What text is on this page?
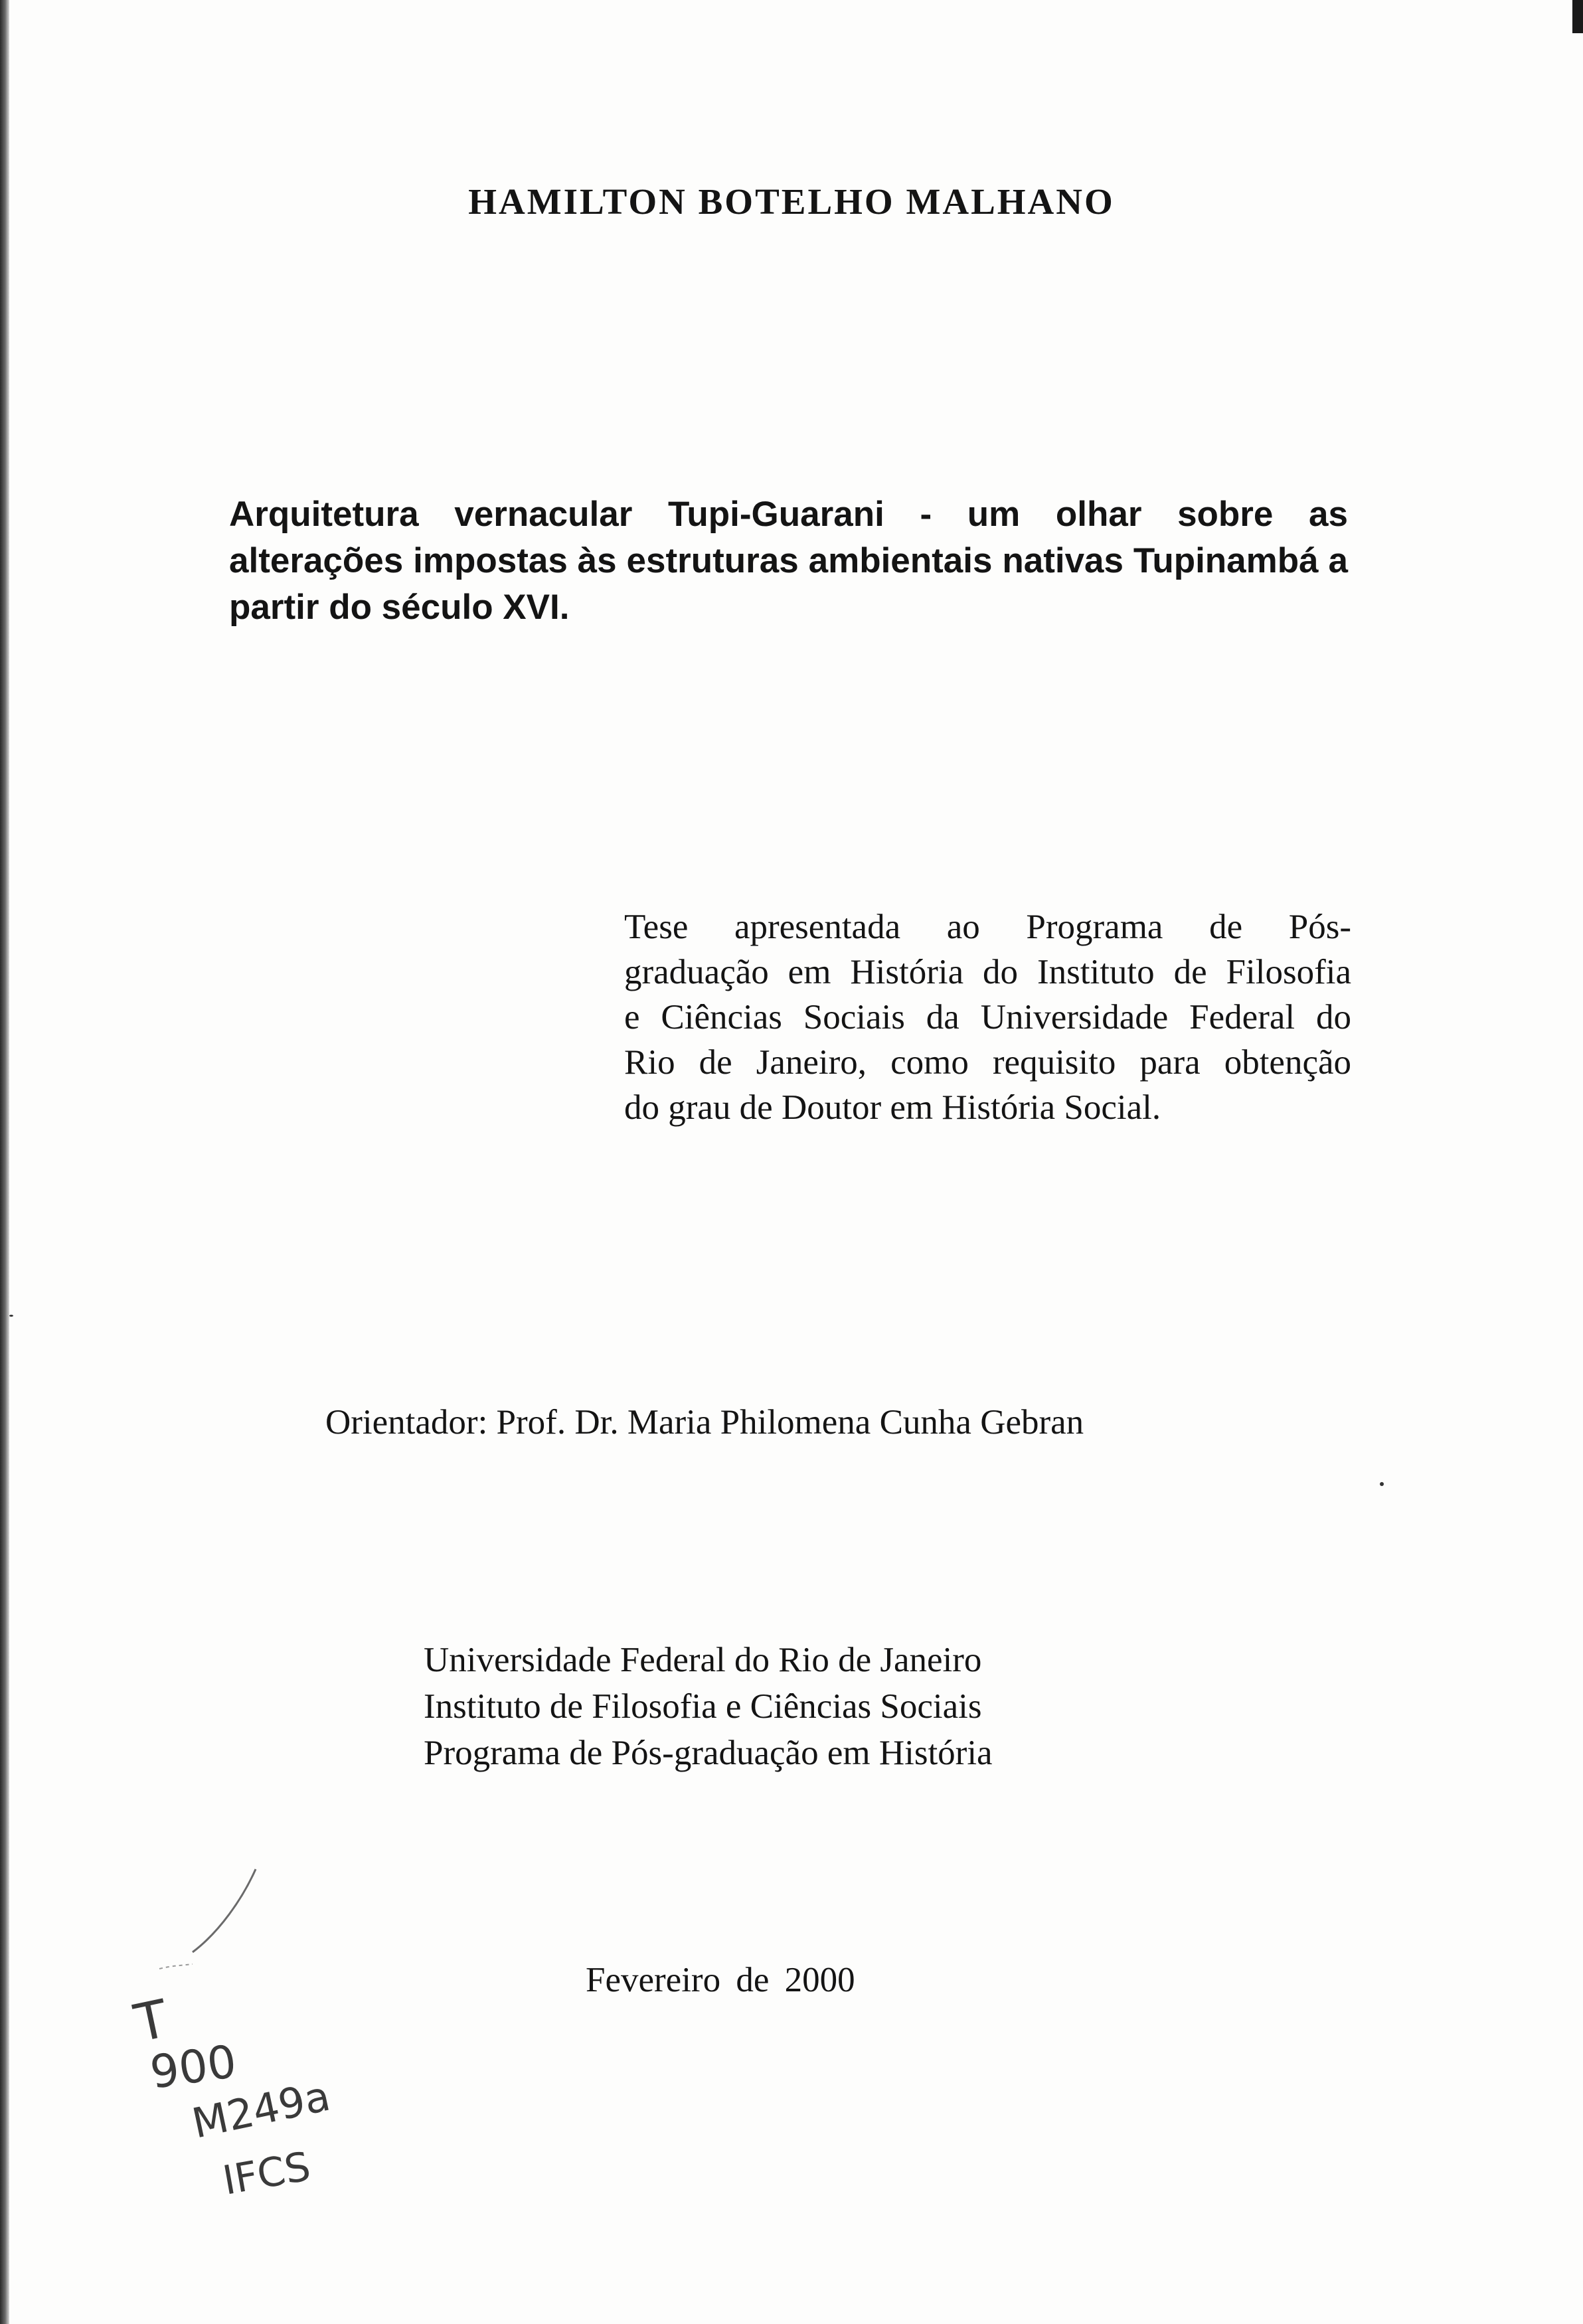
HAMILTON BOTELHO MALHANO
Arquitetura vernacular Tupi-Guarani - um olhar sobre as
alterações impostas às estruturas ambientais nativas Tupinambá a
partir do século XVI.
Tese apresentada ao Programa de Pós-
graduação em História do Instituto de Filosofia
e Ciências Sociais da Universidade Federal do
Rio de Janeiro, como requisito para obtenção
do grau de Doutor em História Social.

Orientador: Prof. Dr. Maria Philomena Cunha Gebran

Universidade Federal do Rio de Janeiro
Instituto de Filosofia e Ciências Sociais
Programa de Pós-graduação em História

Fevereiro de 2000

T
900
M249a
IFCS
